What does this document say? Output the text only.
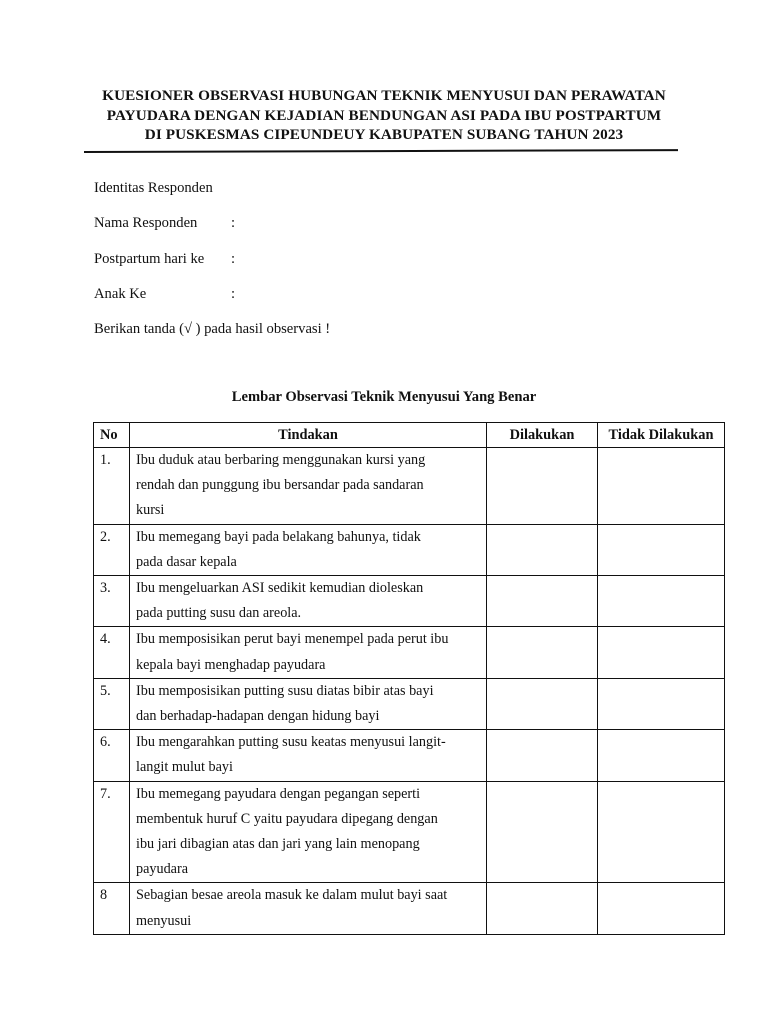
KUESIONER OBSERVASI HUBUNGAN TEKNIK MENYUSUI DAN PERAWATAN
PAYUDARA DENGAN KEJADIAN BENDUNGAN ASI PADA IBU POSTPARTUM
DI PUSKESMAS CIPEUNDEUY KABUPATEN SUBANG TAHUN 2023
Identitas Responden
Nama Responden :
Postpartum hari ke :
Anak Ke	:
Berikan tanda (√ ) pada hasil observasi !
Lembar Observasi Teknik Menyusui Yang Benar
No	Tindakan	Dilakukan	Tidak Dilakukan
1.	Ibu duduk atau berbaring menggunakan kursi yang
rendah dan punggung ibu bersandar pada sandaran
kursi		

2.	Ibu memegang bayi pada belakang bahunya, tidak
pada dasar kepala		

3.	Ibu mengeluarkan ASI sedikit kemudian dioleskan
pada putting susu dan areola.		

4.	Ibu memposisikan perut bayi menempel pada perut ibu
kepala bayi menghadap payudara		

5.	Ibu memposisikan putting susu diatas bibir atas bayi
dan berhadap-hadapan dengan hidung bayi		

6.	Ibu mengarahkan putting susu keatas menyusui langit-
langit mulut bayi		

7.	Ibu memegang payudara dengan pegangan seperti
membentuk huruf C yaitu payudara dipegang dengan
ibu jari dibagian atas dan jari yang lain menopang
payudara		

8	Sebagian besae areola masuk ke dalam mulut bayi saat
menyusui		
